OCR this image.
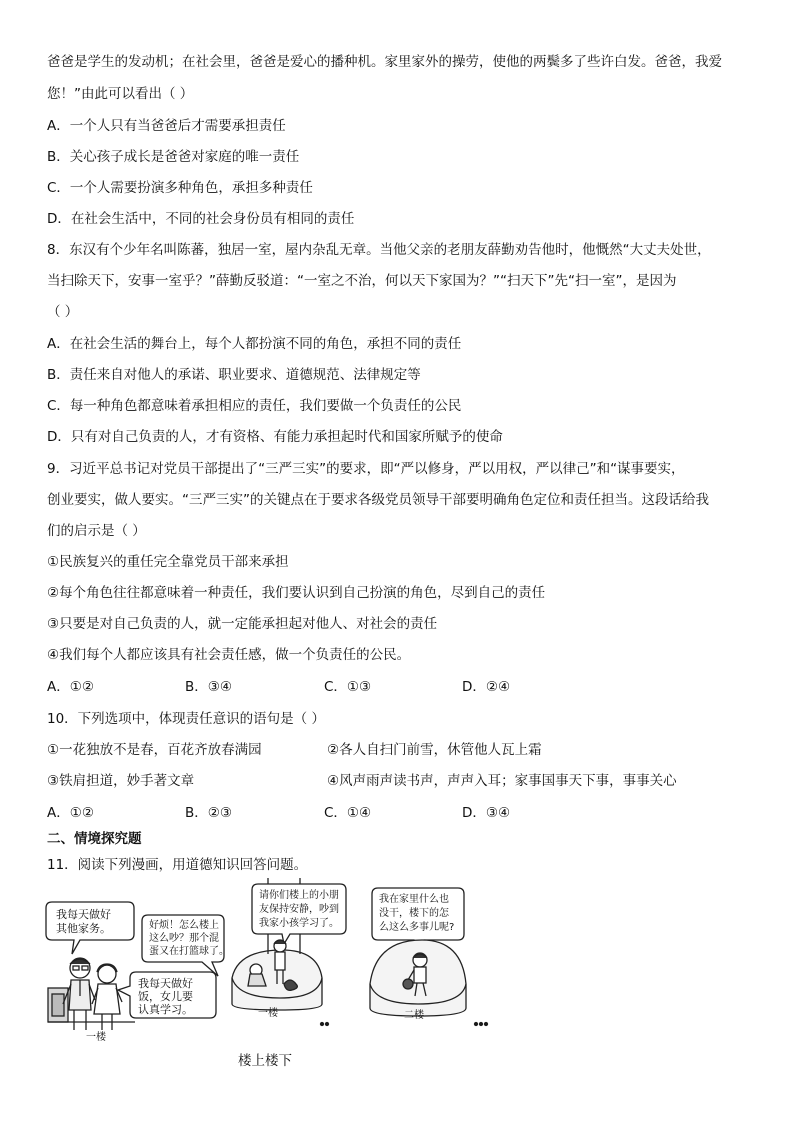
爸爸是学生的发动机；在社会里，爸爸是爱心的播种机。家里家外的操劳，使他的两鬓多了些许白发。爸爸，我爱
您！”由此可以看出（ ）
A．一个人只有当爸爸后才需要承担责任
B．关心孩子成长是爸爸对家庭的唯一责任
C．一个人需要扮演多种角色，承担多种责任
D．在社会生活中，不同的社会身份员有相同的责任
8．东汉有个少年名叫陈蕃，独居一室，屋内杂乱无章。当他父亲的老朋友薛勤劝告他时，他慨然“大丈夫处世，
当扫除天下，安事一室乎？”薛勤反驳道：“一室之不治，何以天下家国为？”“扫天下”先“扫一室”，是因为
（ ）
A．在社会生活的舞台上，每个人都扮演不同的角色，承担不同的责任
B．责任来自对他人的承诺、职业要求、道德规范、法律规定等
C．每一种角色都意味着承担相应的责任，我们要做一个负责任的公民
D．只有对自己负责的人，才有资格、有能力承担起时代和国家所赋予的使命
9．习近平总书记对党员干部提出了“三严三实”的要求，即“严以修身，严以用权，严以律己”和“谋事要实，
创业要实，做人要实。“三严三实”的关键点在于要求各级党员领导干部要明确角色定位和责任担当。这段话给我
们的启示是（ ）
①民族复兴的重任完全靠党员干部来承担
②每个角色往往都意味着一种责任，我们要认识到自己扮演的角色，尽到自己的责任
③只要是对自己负责的人，就一定能承担起对他人、对社会的责任
④我们每个人都应该具有社会责任感，做一个负责任的公民。
A．①②	B．③④	C．①③	D．②④
10．下列选项中，体现责任意识的语句是（ ）
①一花独放不是春，百花齐放春满园	②各人自扫门前雪，休管他人瓦上霜
③铁肩担道，妙手著文章	④风声雨声读书声，声声入耳；家事国事天下事，事事关心
A．①②	B．②③	C．①④	D．③④
二、情境探究题
11．阅读下列漫画，用道德知识回答问题。
我每天做好
其他家务。
我每天做好
饭，女儿要
认真学习。
好烦！怎么楼上
这么吵？那个混
蛋又在打篮球了。
请你们楼上的小朋
友保持安静，吵到
我家小孩学习了。
我在家里什么也
没干，楼下的怎
么这么多事儿呢?
一楼
一楼	二楼
楼上楼下
